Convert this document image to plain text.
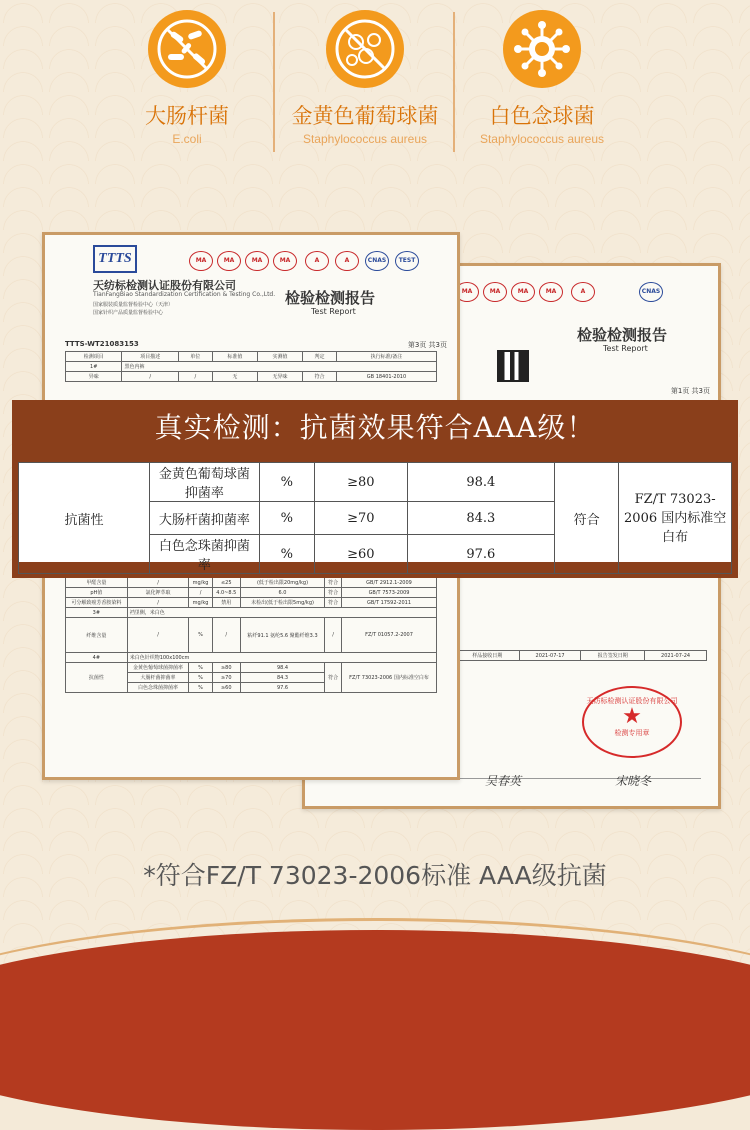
大肠杆菌
E.coli
金黄色葡萄球菌
Staphylococcus aureus
白色念球菌
Staphylococcus aureus
MA	MA	MA	MA	A	CNAS
检验检测报告
Test Report
第1页 共3页
样品接收日期	2021-07-17	报告签发日期	2021-07-24
吴春英	宋晓冬
天纺标检测认证股份有限公司
★
检测专用章
TTTS
天纺标检测认证股份有限公司
TianFangBiao Standardization Certification & Testing Co.,Ltd.
国家服装质量监督检验中心（天津）
国家针织产品质量监督检验中心
MA	MA	MA	MA	A	A	CNAS	TEST
检验检测报告
Test Report
TTTS-WT21083153	第3页 共3页
检测项目	项目描述	单位	标准值	实测值	判定	执行标准/备注
1#	黑色内裤					
异味	/	/	无	无异味	符合	GB 18401-2010
甲醛含量	/	mg/kg	≤25	(低于检出限20mg/kg)	符合	GB/T 2912.1-2009
pH值	氯化钾萃取	/	4.0~8.5	6.0	符合	GB/T 7573-2009
可分解致癌芳香胺染料	/	mg/kg	禁用	未检出(低于检出限5mg/kg)	符合	GB/T 17592-2011
3#	裆里侧，米白色					
纤维含量	/	%	/	粘纤91.1 氨纶5.6 聚酯纤维3.3	/	FZ/T 01057.2-2007
4#	米白色针织物100x100cm					
抗菌性	金黄色葡萄球菌抑菌率	%	≥80	98.4	符合	FZ/T 73023-2006 国内标准空白布
	大肠杆菌抑菌率	%	≥70	84.3		
	白色念珠菌抑菌率	%	≥60	97.6		
真实检测：抗菌效果符合AAA级！
抗菌性	金黄色葡萄球菌抑菌率	%	≥80	98.4	符合	FZ/T 73023-2006 国内标准空白布
	大肠杆菌抑菌率	%	≥70	84.3		
	白色念珠菌抑菌率	%	≥60	97.6		
*符合FZ/T 73023-2006标准 AAA级抗菌
